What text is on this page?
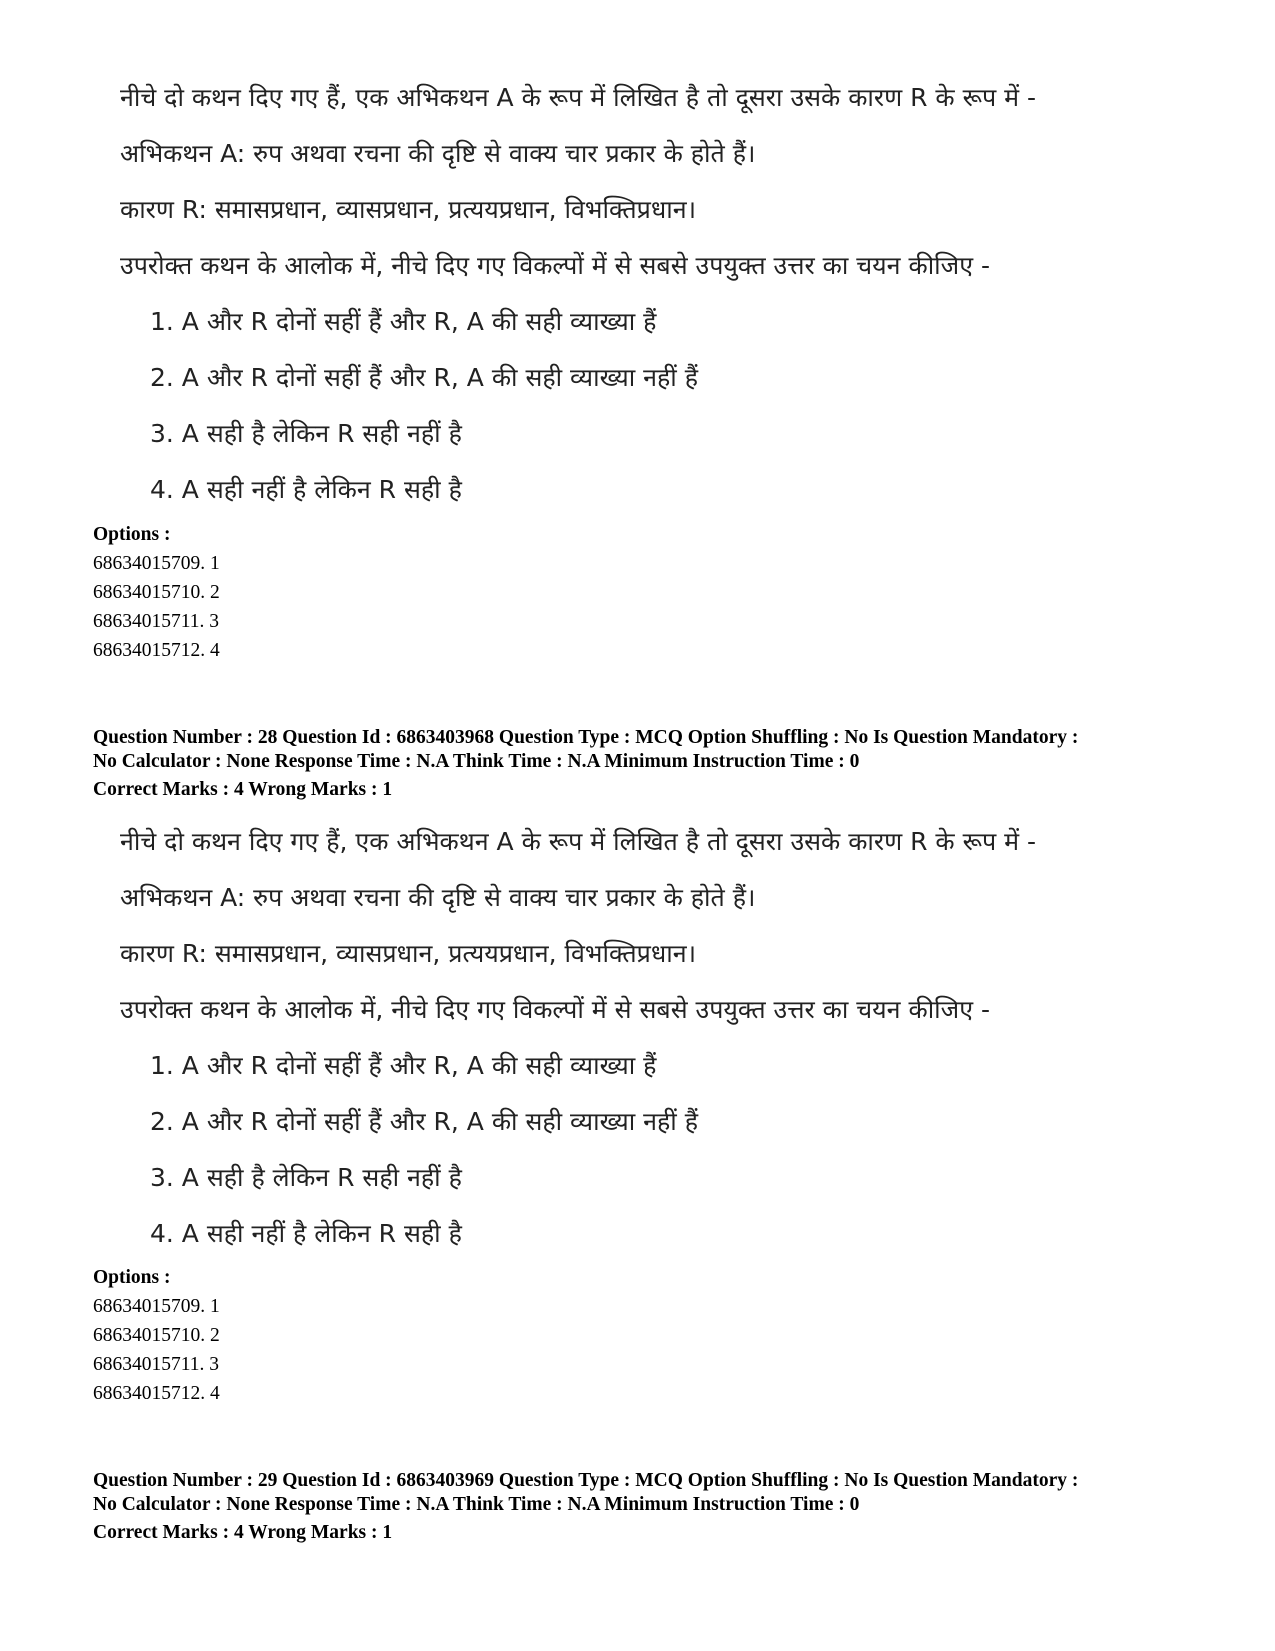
नीचे दो कथन दिए गए हैं, एक अभिकथन A के रूप में लिखित है तो दूसरा उसके कारण R के रूप में -
अभिकथन A: रुप अथवा रचना की दृष्टि से वाक्य चार प्रकार के होते हैं।
कारण R: समासप्रधान, व्यासप्रधान, प्रत्ययप्रधान, विभक्तिप्रधान।
उपरोक्त कथन के आलोक में, नीचे दिए गए विकल्पों में से सबसे उपयुक्त उत्तर का चयन कीजिए -
1. A और R दोनों सहीं हैं और R, A की सही व्याख्या हैं
2. A और R दोनों सहीं हैं और R, A की सही व्याख्या नहीं हैं
3. A सही है लेकिन R सही नहीं है
4. A सही नहीं है लेकिन R सही है
Options :
68634015709. 1
68634015710. 2
68634015711. 3
68634015712. 4
Question Number : 28 Question Id : 6863403968 Question Type : MCQ Option Shuffling : No Is Question Mandatory :
No Calculator : None Response Time : N.A Think Time : N.A Minimum Instruction Time : 0
Correct Marks : 4 Wrong Marks : 1
नीचे दो कथन दिए गए हैं, एक अभिकथन A के रूप में लिखित है तो दूसरा उसके कारण R के रूप में -
अभिकथन A: रुप अथवा रचना की दृष्टि से वाक्य चार प्रकार के होते हैं।
कारण R: समासप्रधान, व्यासप्रधान, प्रत्ययप्रधान, विभक्तिप्रधान।
उपरोक्त कथन के आलोक में, नीचे दिए गए विकल्पों में से सबसे उपयुक्त उत्तर का चयन कीजिए -
1. A और R दोनों सहीं हैं और R, A की सही व्याख्या हैं
2. A और R दोनों सहीं हैं और R, A की सही व्याख्या नहीं हैं
3. A सही है लेकिन R सही नहीं है
4. A सही नहीं है लेकिन R सही है
Options :
68634015709. 1
68634015710. 2
68634015711. 3
68634015712. 4
Question Number : 29 Question Id : 6863403969 Question Type : MCQ Option Shuffling : No Is Question Mandatory :
No Calculator : None Response Time : N.A Think Time : N.A Minimum Instruction Time : 0
Correct Marks : 4 Wrong Marks : 1
